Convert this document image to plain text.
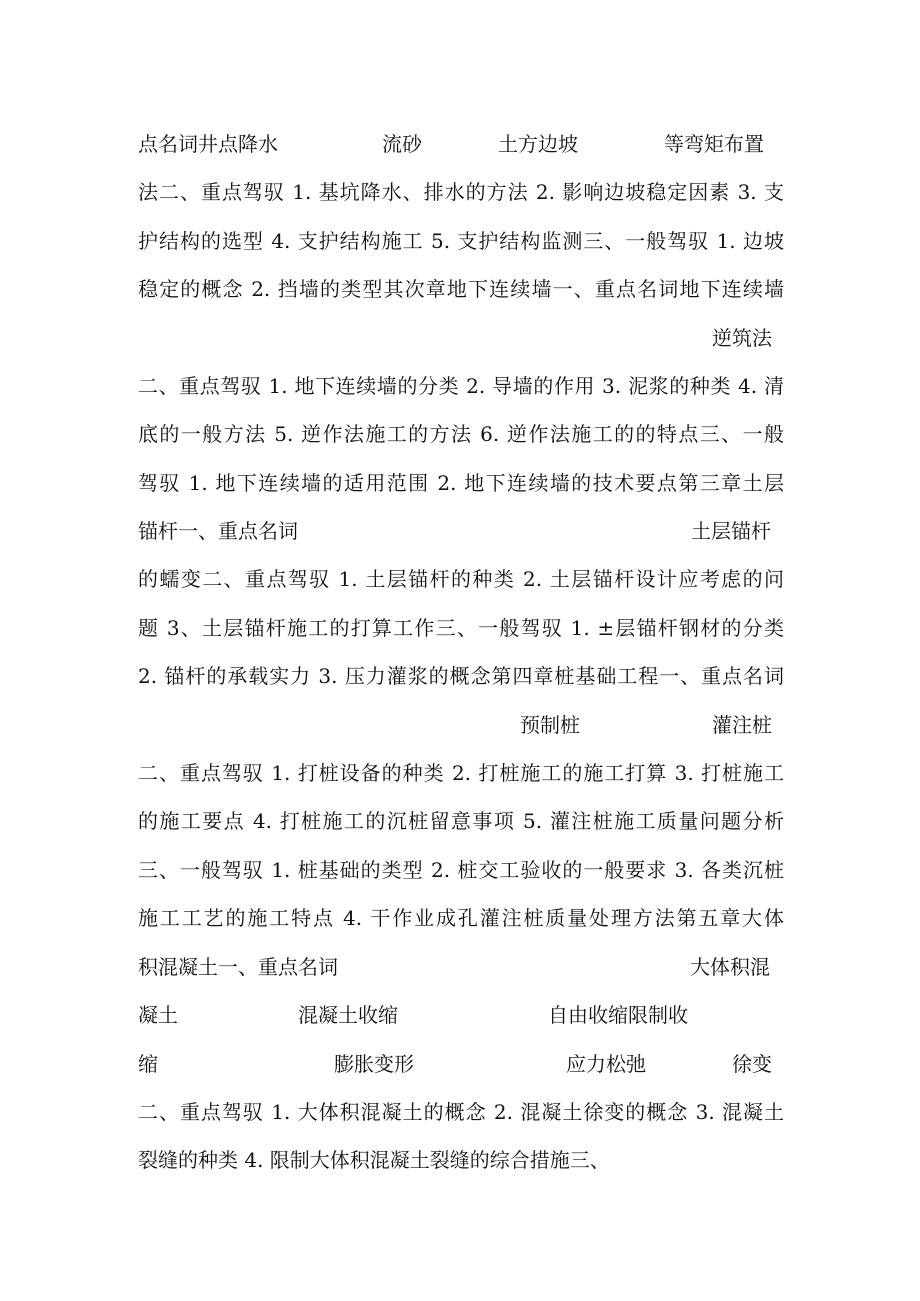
点名词井点降水	流砂	土方边坡	等弯矩布置
法二、重点驾驭 1. 基坑降水、排水的方法 2. 影响边坡稳定因素 3. 支
护结构的选型 4. 支护结构施工 5. 支护结构监测三、一般驾驭 1. 边坡
稳定的概念 2. 挡墙的类型其次章地下连续墙一、重点名词地下连续墙
逆筑法
二、重点驾驭 1. 地下连续墙的分类 2. 导墙的作用 3. 泥浆的种类 4. 清
底的一般方法 5. 逆作法施工的方法 6. 逆作法施工的的特点三、一般
驾驭 1. 地下连续墙的适用范围 2. 地下连续墙的技术要点第三章土层
锚杆一、重点名词	土层锚杆
的蠕变二、重点驾驭 1. 土层锚杆的种类 2. 土层锚杆设计应考虑的问
题 3、土层锚杆施工的打算工作三、一般驾驭 1. ±层锚杆钢材的分类
2. 锚杆的承载实力 3. 压力灌浆的概念第四章桩基础工程一、重点名词
预制桩	灌注桩
二、重点驾驭 1. 打桩设备的种类 2. 打桩施工的施工打算 3. 打桩施工
的施工要点 4. 打桩施工的沉桩留意事项 5. 灌注桩施工质量问题分析
三、一般驾驭 1. 桩基础的类型 2. 桩交工验收的一般要求 3. 各类沉桩
施工工艺的施工特点 4. 干作业成孔灌注桩质量处理方法第五章大体
积混凝土一、重点名词	大体积混
凝土	混凝土收缩	自由收缩限制收
缩	膨胀变形	应力松弛	徐变
二、重点驾驭 1. 大体积混凝土的概念 2. 混凝土徐变的概念 3. 混凝土
裂缝的种类 4. 限制大体积混凝土裂缝的综合措施三、
